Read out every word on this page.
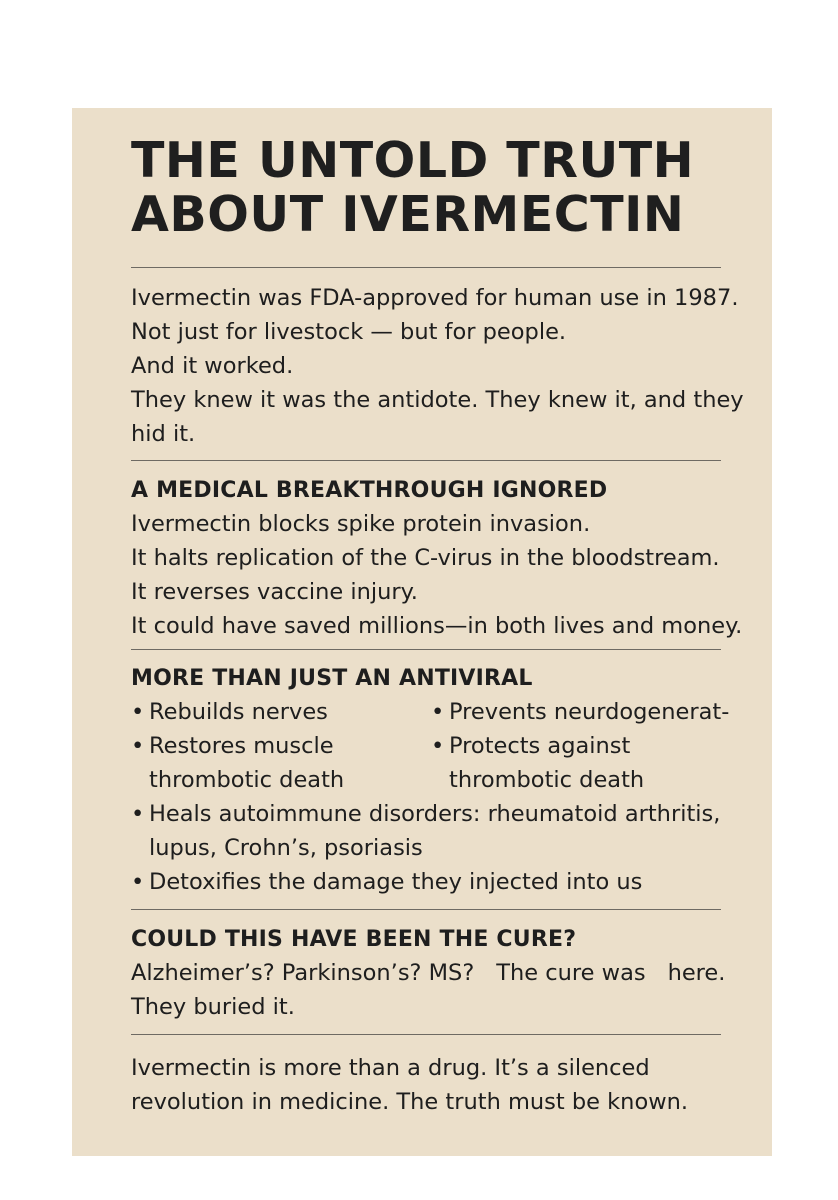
THE UNTOLD TRUTH
ABOUT IVERMECTIN
Ivermectin was FDA-approved for human use in 1987.
Not just for livestock — but for people.
And it worked.
They knew it was the antidote. They knew it, and they
hid it.
A MEDICAL BREAKTHROUGH IGNORED
Ivermectin blocks spike protein invasion.
It halts replication of the C-virus in the bloodstream.
It reverses vaccine injury.
It could have saved millions—in both lives and money.
MORE THAN JUST AN ANTIVIRAL
• Rebuilds nerves
• Restores muscle
thrombotic death
• Prevents neurdogenerat-
• Protects against
thrombotic death
• Heals autoimmune disorders: rheumatoid arthritis,
lupus, Crohn’s, psoriasis
• Detoxifies the damage they injected into us
COULD THIS HAVE BEEN THE CURE?
Alzheimer’s? Parkinson’s? MS? The cure was here.
They buried it.
Ivermectin is more than a drug. It’s a silenced
revolution in medicine. The truth must be known.
